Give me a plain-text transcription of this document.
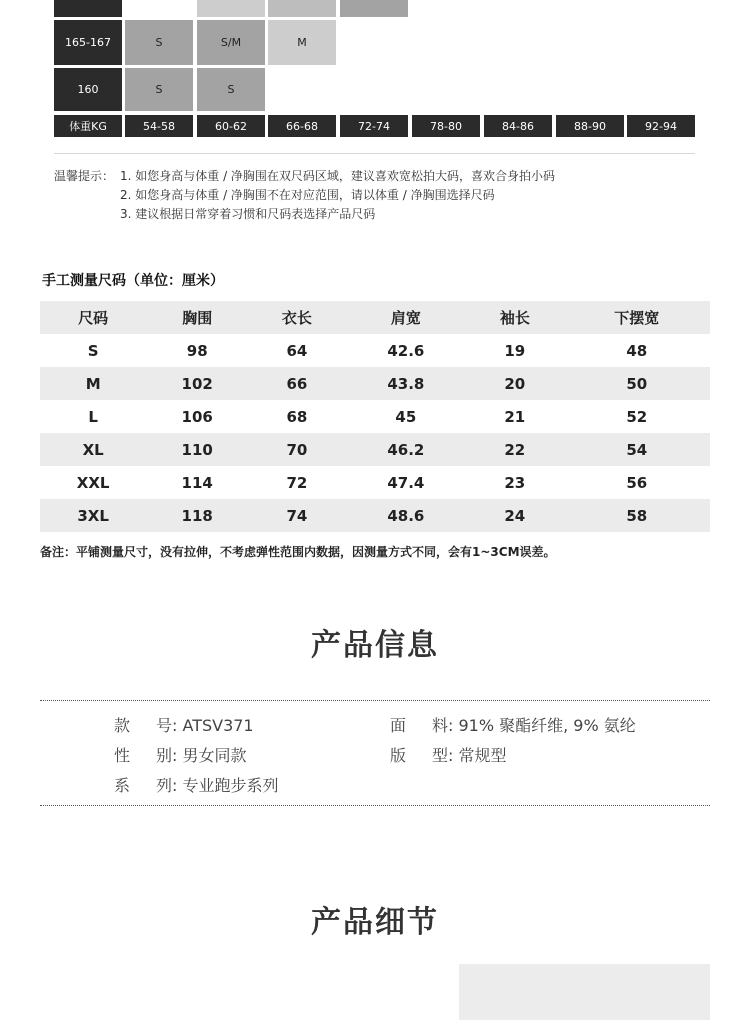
165-167	S	S/M	M
160	S	S
体重KG	54-58	60-62	66-68	72-74	78-80	84-86	88-90	92-94
温馨提示： 1. 如您身高与体重 / 净胸围在双尺码区域，建议喜欢宽松拍大码，喜欢合身拍小码
2. 如您身高与体重 / 净胸围不在对应范围，请以体重 / 净胸围选择尺码
3. 建议根据日常穿着习惯和尺码表选择产品尺码
手工测量尺码（单位：厘米）
尺码	胸围	衣长	肩宽	袖长	下摆宽
S	98	64	42.6	19	48
M	102	66	43.8	20	50
L	106	68	45	21	52
XL	110	70	46.2	22	54
XXL	114	72	47.4	23	56
3XL	118	74	48.6	24	58
备注：平铺测量尺寸，没有拉伸，不考虑弹性范围内数据，因测量方式不同，会有1~3CM误差。
产品信息
款号: ATSV371	面料: 91% 聚酯纤维, 9% 氨纶
性别: 男女同款	版型: 常规型
系列: 专业跑步系列
产品细节
